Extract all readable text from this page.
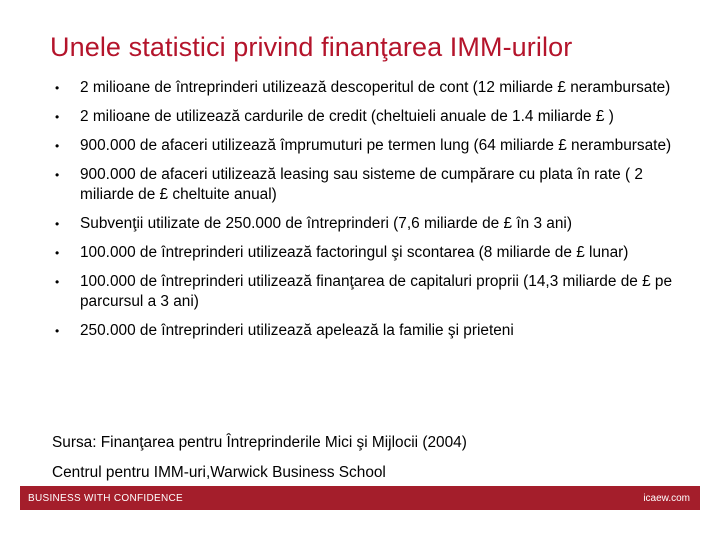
Unele statistici privind finanţarea IMM-urilor
• 2 milioane de întreprinderi utilizează descoperitul de cont (12 miliarde £ nerambursate)
• 2 milioane de utilizează cardurile de credit (cheltuieli anuale de 1.4 miliarde £ )
• 900.000 de afaceri utilizează împrumuturi pe termen lung (64 miliarde £ nerambursate)
• 900.000 de afaceri utilizează leasing sau sisteme de cumpărare cu plata în rate ( 2 miliarde de £ cheltuite anual)
• Subvenţii utilizate de 250.000 de întreprinderi (7,6 miliarde de £ în 3 ani)
• 100.000 de întreprinderi utilizează factoringul şi scontarea (8 miliarde de £ lunar)
• 100.000 de întreprinderi utilizează finanţarea de capitaluri proprii (14,3 miliarde de £ pe parcursul a 3 ani)
• 250.000 de întreprinderi utilizează apelează la familie şi prieteni
Sursa: Finanţarea pentru Întreprinderile Mici şi Mijlocii (2004)
Centrul pentru IMM-uri,Warwick Business School
BUSINESS WITH CONFIDENCE	icaew.com
